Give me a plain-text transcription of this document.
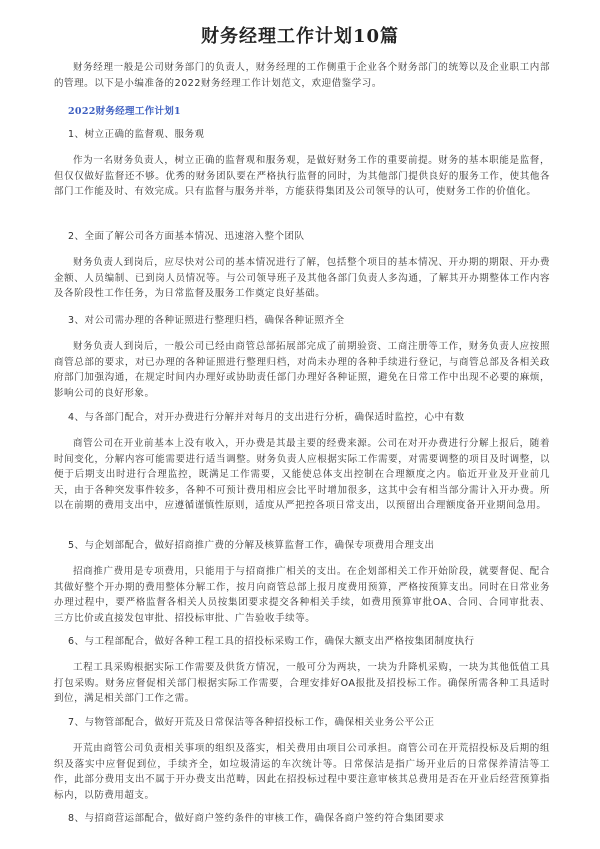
财务经理工作计划10篇
财务经理一般是公司财务部门的负责人，财务经理的工作侧重于企业各个财务部门的统筹以及企业职工内部的管理。以下是小编准备的2022财务经理工作计划范文，欢迎借鉴学习。
2022财务经理工作计划1
1、树立正确的监督观、服务观
作为一名财务负责人，树立正确的监督观和服务观，是做好财务工作的重要前提。财务的基本职能是监督，但仅仅做好监督还不够。优秀的财务团队要在严格执行监督的同时，为其他部门提供良好的服务工作，使其他各部门工作能及时、有效完成。只有监督与服务并举，方能获得集团及公司领导的认可，使财务工作的价值化。
2、全面了解公司各方面基本情况、迅速溶入整个团队
财务负责人到岗后，应尽快对公司的基本情况进行了解，包括整个项目的基本情况、开办期的期限、开办费金额、人员编制、已到岗人员情况等。与公司领导班子及其他各部门负责人多沟通，了解其开办期整体工作内容及各阶段性工作任务，为日常监督及服务工作奠定良好基础。
3、对公司需办理的各种证照进行整理归档，确保各种证照齐全
财务负责人到岗后，一般公司已经由商管总部拓展部完成了前期验资、工商注册等工作，财务负责人应按照商管总部的要求，对已办理的各种证照进行整理归档，对尚未办理的各种手续进行登记，与商管总部及各相关政府部门加强沟通，在规定时间内办理好或协助责任部门办理好各种证照，避免在日常工作中出现不必要的麻烦，影响公司的良好形象。
4、与各部门配合，对开办费进行分解并对每月的支出进行分析，确保适时监控，心中有数
商管公司在开业前基本上没有收入，开办费是其最主要的经费来源。公司在对开办费进行分解上报后，随着时间变化，分解内容可能需要进行适当调整。财务负责人应根据实际工作需要，对需要调整的项目及时调整，以便于后期支出时进行合理监控，既满足工作需要，又能使总体支出控制在合理额度之内。临近开业及开业前几天，由于各种突发事件较多，各种不可预计费用相应会比平时增加很多，这其中会有相当部分需计入开办费。所以在前期的费用支出中，应遵循谨慎性原则，适度从严把控各项日常支出，以预留出合理额度备开业期间急用。
5、与企划部配合，做好招商推广费的分解及核算监督工作，确保专项费用合理支出
招商推广费用是专项费用，只能用于与招商推广相关的支出。在企划部相关工作开始阶段，就要督促、配合其做好整个开办期的费用整体分解工作，按月向商管总部上报月度费用预算，严格按预算支出。同时在日常业务办理过程中，要严格监督各相关人员按集团要求提交各种相关手续，如费用预算审批OA、合同、合同审批表、三方比价或直接发包审批、招投标审批、广告验收手续等。
6、与工程部配合，做好各种工程工具的招投标采购工作，确保大额支出严格按集团制度执行
工程工具采购根据实际工作需要及供货方情况，一般可分为两块，一块为升降机采购，一块为其他低值工具打包采购。财务应督促相关部门根据实际工作需要，合理安排好OA报批及招投标工作。确保所需各种工具适时到位，满足相关部门工作之需。
7、与物管部配合，做好开荒及日常保洁等各种招投标工作，确保相关业务公平公正
开荒由商管公司负责相关事项的组织及落实，相关费用由项目公司承担。商管公司在开荒招投标及后期的组织及落实中应督促到位，手续齐全，如垃圾清运的车次统计等。日常保洁是指广场开业后的日常保养清洁等工作，此部分费用支出不属于开办费支出范畴，因此在招投标过程中要注意审核其总费用是否在开业后经营预算指标内，以防费用超支。
8、与招商营运部配合，做好商户签约条件的审核工作，确保各商户签约符合集团要求
